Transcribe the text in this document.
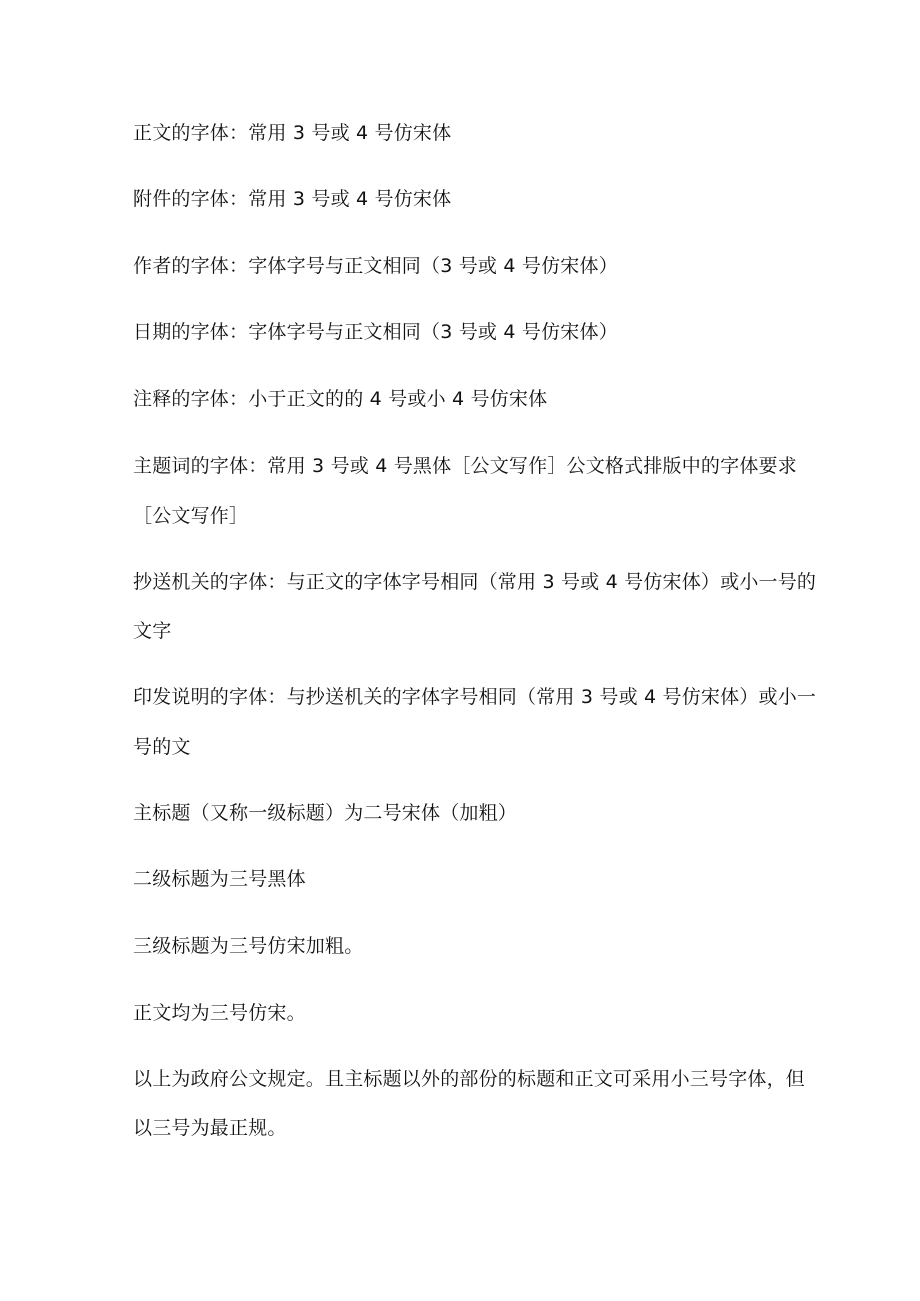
正文的字体：常用 3 号或 4 号仿宋体

附件的字体：常用 3 号或 4 号仿宋体

作者的字体：字体字号与正文相同（3 号或 4 号仿宋体）

日期的字体：字体字号与正文相同（3 号或 4 号仿宋体）

注释的字体：小于正文的的 4 号或小 4 号仿宋体

主题词的字体：常用 3 号或 4 号黑体［公文写作］公文格式排版中的字体要求

［公文写作］

抄送机关的字体：与正文的字体字号相同（常用 3 号或 4 号仿宋体）或小一号的

文字

印发说明的字体：与抄送机关的字体字号相同（常用 3 号或 4 号仿宋体）或小一

号的文

主标题（又称一级标题）为二号宋体（加粗）

二级标题为三号黑体

三级标题为三号仿宋加粗。

正文均为三号仿宋。

以上为政府公文规定。且主标题以外的部份的标题和正文可采用小三号字体，但

以三号为最正规。
